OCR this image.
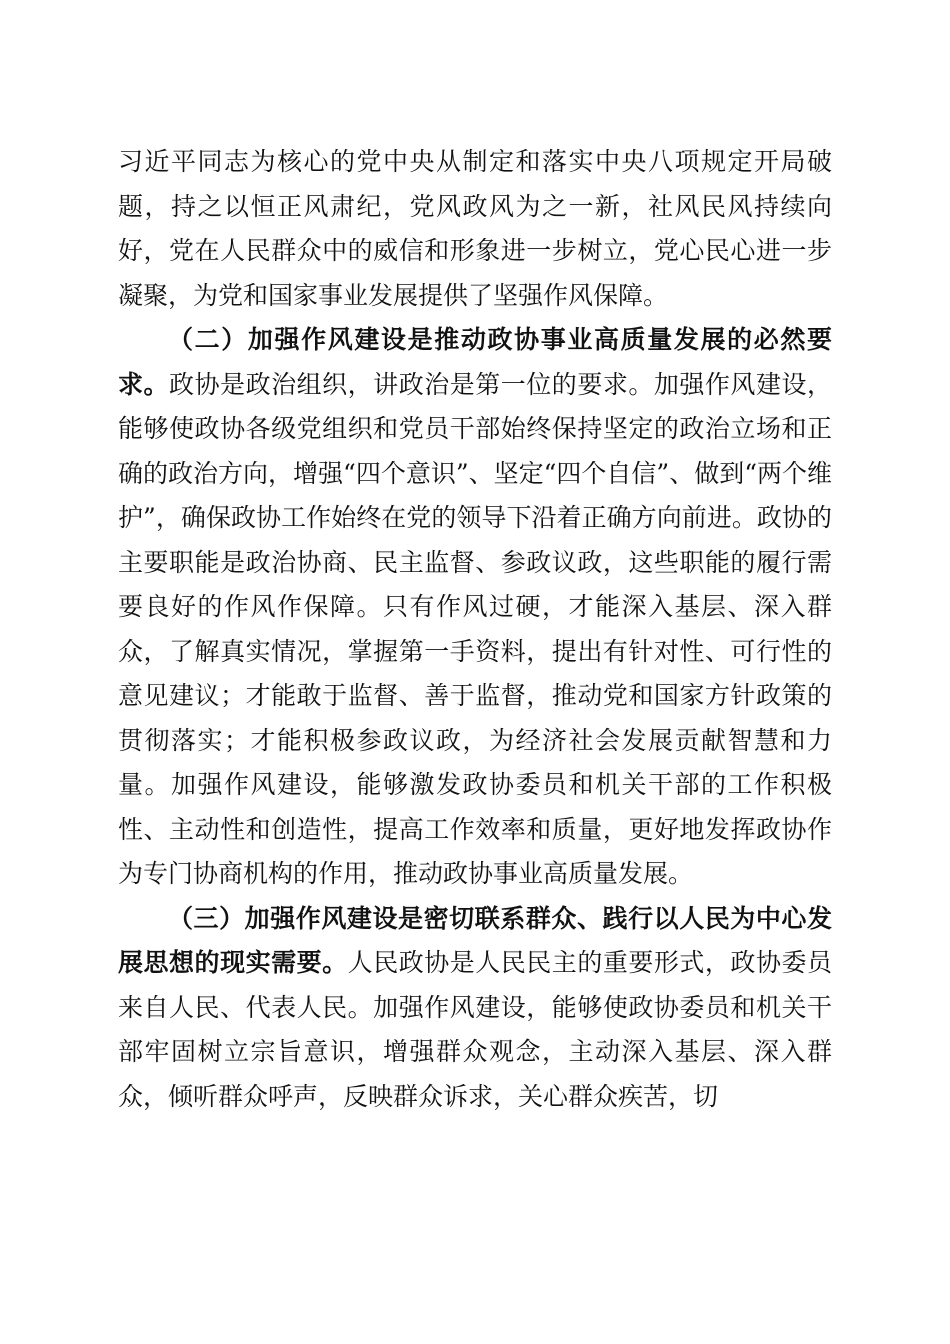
习近平同志为核心的党中央从制定和落实中央八项规定开局破题，持之以恒正风肃纪，党风政风为之一新，社风民风持续向好，党在人民群众中的威信和形象进一步树立，党心民心进一步凝聚，为党和国家事业发展提供了坚强作风保障。

（二）加强作风建设是推动政协事业高质量发展的必然要求。政协是政治组织，讲政治是第一位的要求。加强作风建设，能够使政协各级党组织和党员干部始终保持坚定的政治立场和正确的政治方向，增强“四个意识”、坚定“四个自信”、做到“两个维护”，确保政协工作始终在党的领导下沿着正确方向前进。政协的主要职能是政治协商、民主监督、参政议政，这些职能的履行需要良好的作风作保障。只有作风过硬，才能深入基层、深入群众，了解真实情况，掌握第一手资料，提出有针对性、可行性的意见建议；才能敢于监督、善于监督，推动党和国家方针政策的贯彻落实；才能积极参政议政，为经济社会发展贡献智慧和力量。加强作风建设，能够激发政协委员和机关干部的工作积极性、主动性和创造性，提高工作效率和质量，更好地发挥政协作为专门协商机构的作用，推动政协事业高质量发展。

（三）加强作风建设是密切联系群众、践行以人民为中心发展思想的现实需要。人民政协是人民民主的重要形式，政协委员来自人民、代表人民。加强作风建设，能够使政协委员和机关干部牢固树立宗旨意识，增强群众观念，主动深入基层、深入群众，倾听群众呼声，反映群众诉求，关心群众疾苦，切
